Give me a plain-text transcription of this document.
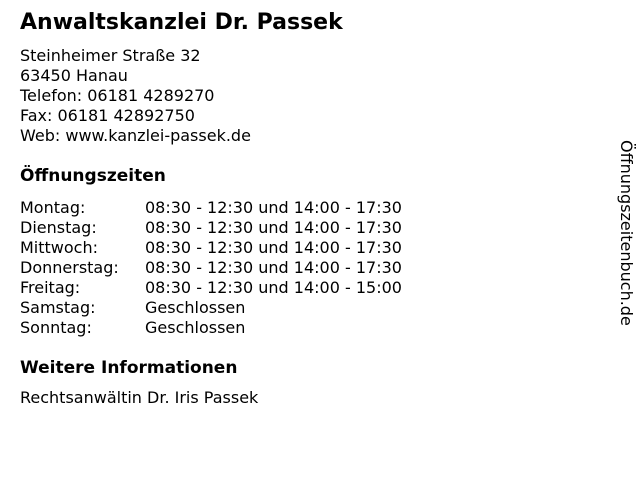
Anwaltskanzlei Dr. Passek
Steinheimer Straße 32
63450 Hanau
Telefon: 06181 4289270
Fax: 06181 42892750
Web: www.kanzlei-passek.de
Öffnungszeiten
Montag:	08:30 - 12:30 und 14:00 - 17:30
Dienstag:	08:30 - 12:30 und 14:00 - 17:30
Mittwoch:	08:30 - 12:30 und 14:00 - 17:30
Donnerstag:	08:30 - 12:30 und 14:00 - 17:30
Freitag:	08:30 - 12:30 und 14:00 - 15:00
Samstag:	Geschlossen
Sonntag:	Geschlossen
Weitere Informationen
Rechtsanwältin Dr. Iris Passek
Öffnungszeitenbuch.de
